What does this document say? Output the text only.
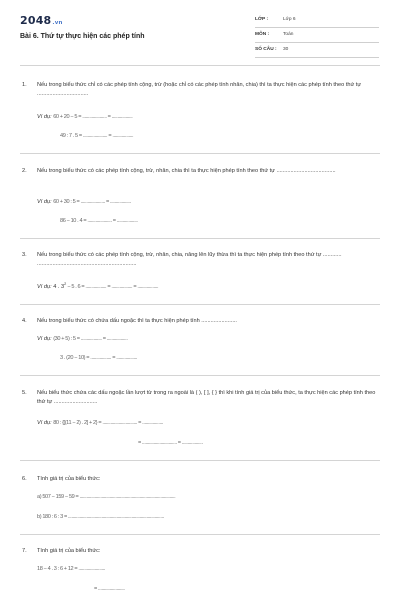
2048.vn
Bài 6. Thứ tự thực hiện các phép tính
LỚP :	Lớp 6
MÔN :	Toán
SỐ CÂU : 30
1. Nếu trong biểu thức chỉ có các phép tính cộng, trừ (hoặc chỉ có các phép tính nhân, chia) thì ta thực hiện các phép tính theo thứ tự .................................
Ví dụ: 60 + 20 − 5 = ..................... = ..................
49 : 7 . 5 = ..................... = ..................
2. Nếu trong biểu thức có các phép tính cộng, trừ, nhân, chia thì ta thực hiện phép tính theo thứ tự ......................................
Ví dụ: 60 + 30 : 5 = ..................... = ..................
86 − 10 . 4 = ..................... = ..................
3. Nếu trong biểu thức có các phép tính cộng, trừ, nhân, chia, nâng lên lũy thừa thì ta thực hiện phép tính theo thứ tự ............ ................................................................
Ví dụ: 4 . $3^2 - 5$ . 6 = .................. = .................. = ..................
4. Nếu trong biểu thức có chứa dấu ngoặc thì ta thực hiện phép tính .......................
Ví dụ: (30 + 5) : 5 = .................. = ..................
3 . (20 − 10) = .................. = ..................
5. Nếu biểu thức chứa các dấu ngoặc lần lượt từ trong ra ngoài là ( ), [ ], { } thì khi tính giá trị của biểu thức, ta thực hiện các phép tính theo thứ tự ............................
Ví dụ: 80 : {[(11 − 2) . 2] + 2} = .............................. = ..................
= .............................. = ..................
6. Tính giá trị của biểu thức:
a) 507 − 159 − 59 = ...................................................................................
b) 180 : 6 : 3 = ...................................................................................
7. Tính giá trị của biểu thức:
18 − 4 . 3 : 6 + 12 = .......................
= .......................
